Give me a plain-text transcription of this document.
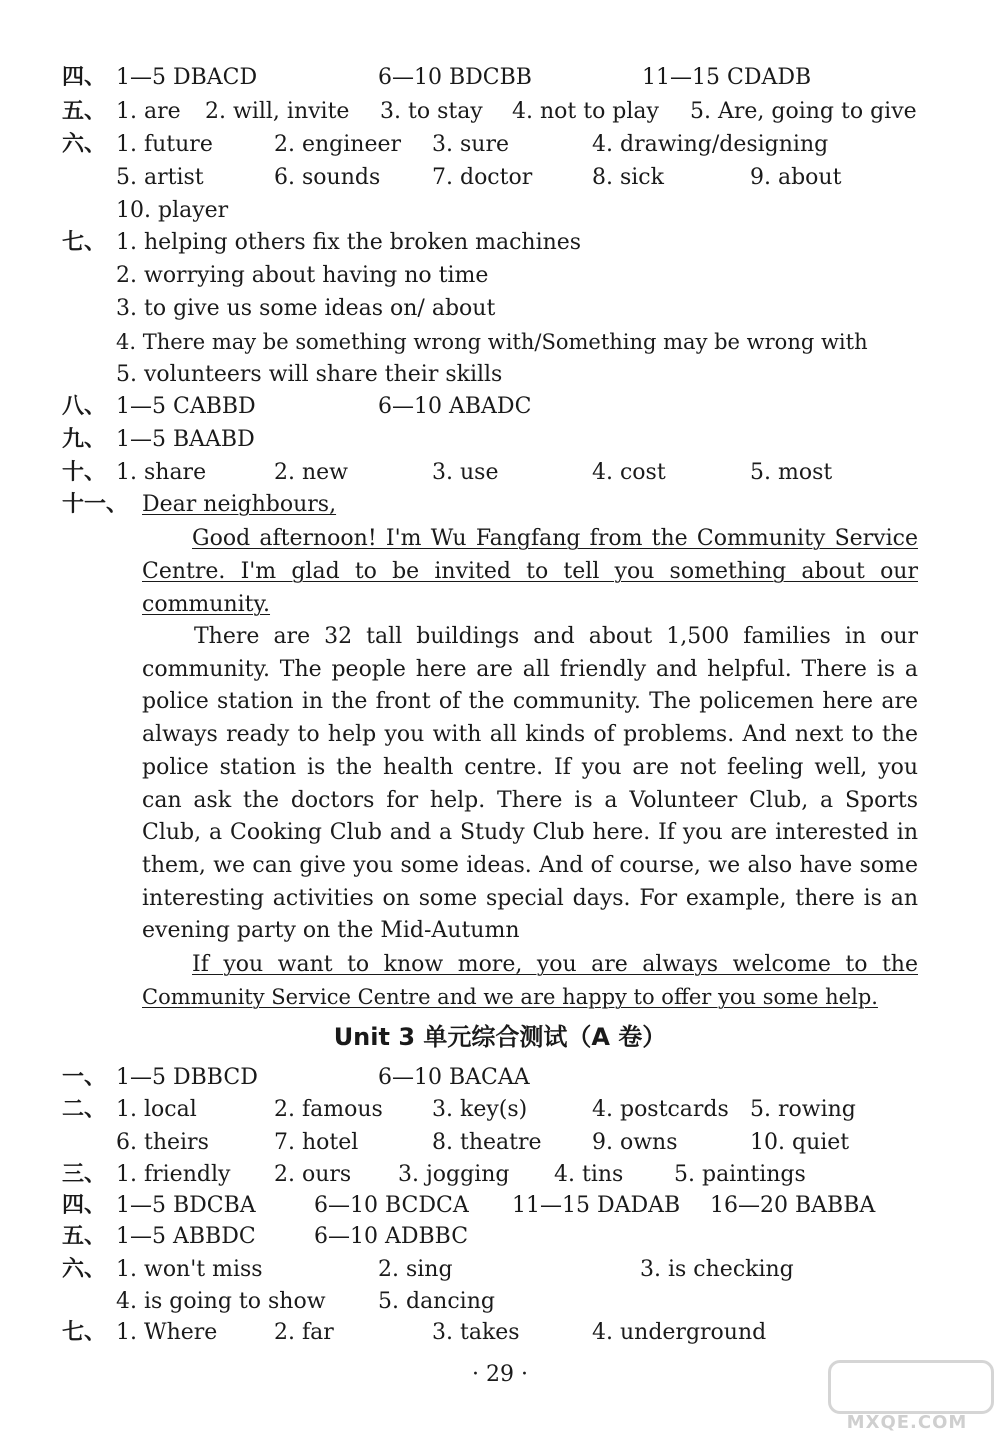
四、 1—5 DBACD	6—10 BDCBB	11—15 CDADB
五、 1. are 2. will, invite 3. to stay 4. not to play 5. Are, going to give
六、 1. future	2. engineer 3. sure	4. drawing/designing
5. artist	6. sounds 7. doctor	8. sick	9. about
10. player
七、 1. helping others fix the broken machines
2. worrying about having no time
3. to give us some ideas on/ about
4. There may be something wrong with/Something may be wrong with
5. volunteers will share their skills
八、 1—5 CABBD	6—10 ABADC
九、 1—5 BAABD
十、 1. share	2. new	3. use	4. cost	5. most
十一、 Dear neighbours,
Good afternoon! I'm Wu Fangfang from the Community Service
Centre. I'm glad to be invited to tell you something about our
community.
There are 32 tall buildings and about 1,500 families in our community. The people here are all friendly and helpful. There is a police station in the front of the community. The policemen here are always ready to help you with all kinds of problems. And next to the police station is the health centre. If you are not feeling well, you can ask the doctors for help. There is a Volunteer Club, a Sports Club, a Cooking Club and a Study Club here. If you are interested in them, we can give you some ideas. And of course, we also have some interesting activities on some special days. For example, there is an evening party on the Mid-Autumn
If you want to know more, you are always welcome to the
Community Service Centre and we are happy to offer you some help.
Unit 3 单元综合测试（A 卷）
一、 1—5 DBBCD	6—10 BACAA
二、 1. local	2. famous 3. key(s)	4. postcards 5. rowing
6. theirs	7. hotel	8. theatre 9. owns	10. quiet
三、 1. friendly 2. ours 3. jogging 4. tins 5. paintings
四、 1—5 BDCBA	6—10 BCDCA 11—15 DADAB 16—20 BABBA
五、 1—5 ABBDC	6—10 ADBBC
六、 1. won't miss	2. sing	3. is checking
4. is going to show 5. dancing
七、 1. Where	2. far	3. takes	4. underground
· 29 ·
MXQE.COM
